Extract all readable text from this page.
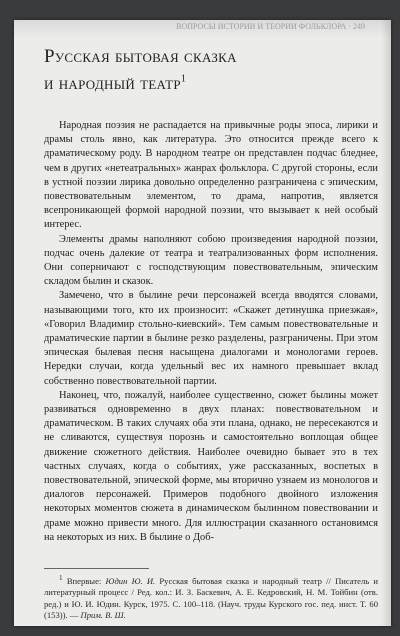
ВОПРОСЫ ИСТОРИИ И ТЕОРИИ ФОЛЬКЛОРА · 249
Русская бытовая сказка
и народный театр$^1$

Народная поэзия не распадается на привычные роды эпоса, лирики и драмы столь явно, как литература. Это относится прежде всего к драматическому роду. В народном театре он представлен подчас бледнее, чем в других «нетеатральных» жанрах фольклора. С другой стороны, если в устной поэзии лирика довольно определенно разграничена с эпическим, повествовательным элементом, то драма, напротив, является всепроникающей формой народной поэзии, что вызывает к ней особый интерес.

Элементы драмы наполняют собою произведения народной поэзии, подчас очень далекие от театра и театрализованных форм исполнения. Они соперничают с господствующим повествовательным, эпическим складом былин и сказок.

Замечено, что в былине речи персонажей всегда вводятся словами, называющими того, кто их произносит: «Скажет детинушка приезжая», «Говорил Владимир стольно-киевский». Тем самым повествовательные и драматические партии в былине резко разделены, разграничены. При этом эпическая былевая песня насыщена диалогами и монологами героев. Нередки случаи, когда удельный вес их намного превышает вклад собственно повествовательной партии.

Наконец, что, пожалуй, наиболее существенно, сюжет былины может развиваться одновременно в двух планах: повествовательном и драматическом. В таких случаях оба эти плана, однако, не пересекаются и не сливаются, существуя порознь и самостоятельно воплощая общее движение сюжетного действия. Наиболее очевидно бывает это в тех частных случаях, когда о событиях, уже рассказанных, воспетых в повествовательной, эпической форме, мы вторично узнаем из монологов и диалогов персонажей. Примеров подобного двойного изложения некоторых моментов сюжета в динамическом былинном повествовании и драме можно привести много. Для иллюстрации сказанного остановимся на некоторых из них. В былине о Доб-

$^1$ Впервые: Юдин Ю. И. Русская бытовая сказка и народный театр // Писатель и литературный процесс / Ред. кол.: И. З. Баскевич, А. Е. Кедровский, Н. М. Тойбин (отв. ред.) и Ю. И. Юдин. Курск, 1975. С. 100–118. (Науч. труды Курского гос. пед. инст. Т. 60 (153)). — Прим. В. Ш.
